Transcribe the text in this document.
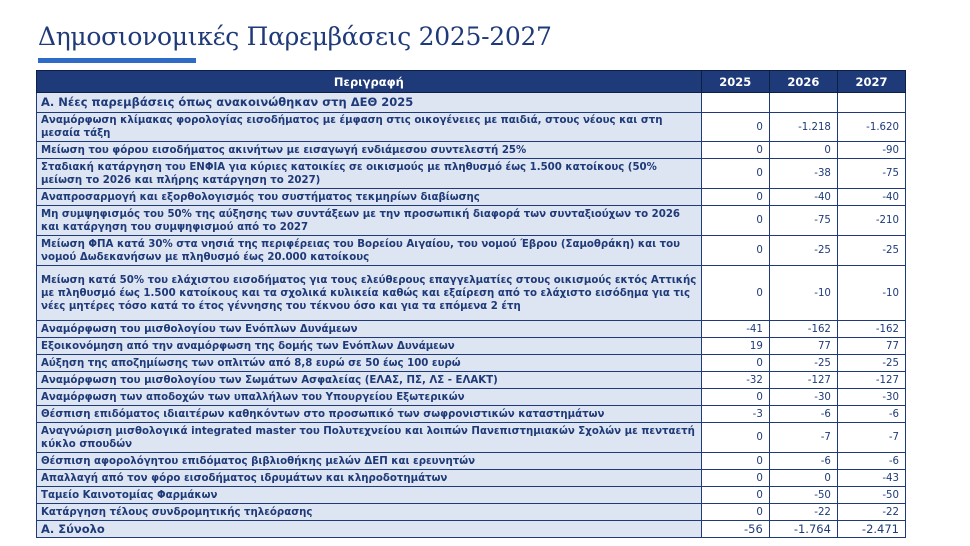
Δημοσιονομικές Παρεμβάσεις 2025-2027
Περιγραφή	2025	2026	2027
Α. Νέες παρεμβάσεις όπως ανακοινώθηκαν στη ΔΕΘ 2025			
Αναμόρφωση κλίμακας φορολογίας εισοδήματος με έμφαση στις οικογένειες με παιδιά, στους νέους και στη μεσαία τάξη	0	-1.218	-1.620
Μείωση του φόρου εισοδήματος ακινήτων με εισαγωγή ενδιάμεσου συντελεστή 25%	0	0	-90
Σταδιακή κατάργηση του ΕΝΦΙΑ για κύριες κατοικίες σε οικισμούς με πληθυσμό έως 1.500 κατοίκους (50% μείωση το 2026 και πλήρης κατάργηση το 2027)	0	-38	-75
Αναπροσαρμογή και εξορθολογισμός του συστήματος τεκμηρίων διαβίωσης	0	-40	-40
Μη συμψηφισμός του 50% της αύξησης των συντάξεων με την προσωπική διαφορά των συνταξιούχων το 2026 και κατάργηση του συμψηφισμού από το 2027	0	-75	-210
Μείωση ΦΠΑ κατά 30% στα νησιά της περιφέρειας του Βορείου Αιγαίου, του νομού Έβρου (Σαμοθράκη) και του νομού Δωδεκανήσων με πληθυσμό έως 20.000 κατοίκους	0	-25	-25
Μείωση κατά 50% του ελάχιστου εισοδήματος για τους ελεύθερους επαγγελματίες στους οικισμούς εκτός Αττικής με πληθυσμό έως 1.500 κατοίκους και τα σχολικά κυλικεία καθώς και εξαίρεση από το ελάχιστο εισόδημα για τις νέες μητέρες τόσο κατά το έτος γέννησης του τέκνου όσο και για τα επόμενα 2 έτη	0	-10	-10
Αναμόρφωση του μισθολογίου των Ενόπλων Δυνάμεων	-41	-162	-162
Εξοικονόμηση από την αναμόρφωση της δομής των Ενόπλων Δυνάμεων	19	77	77
Αύξηση της αποζημίωσης των οπλιτών από 8,8 ευρώ σε 50 έως 100 ευρώ	0	-25	-25
Αναμόρφωση του μισθολογίου των Σωμάτων Ασφαλείας (ΕΛΑΣ, ΠΣ, ΛΣ - ΕΛΑΚΤ)	-32	-127	-127
Αναμόρφωση των αποδοχών των υπαλλήλων του Υπουργείου Εξωτερικών	0	-30	-30
Θέσπιση επιδόματος ιδιαιτέρων καθηκόντων στο προσωπικό των σωφρονιστικών καταστημάτων	-3	-6	-6
Αναγνώριση μισθολογικά integrated master του Πολυτεχνείου και λοιπών Πανεπιστημιακών Σχολών με πενταετή κύκλο σπουδών	0	-7	-7
Θέσπιση αφορολόγητου επιδόματος βιβλιοθήκης μελών ΔΕΠ και ερευνητών	0	-6	-6
Απαλλαγή από τον φόρο εισοδήματος ιδρυμάτων και κληροδοτημάτων	0	0	-43
Ταμείο Καινοτομίας Φαρμάκων	0	-50	-50
Κατάργηση τέλους συνδρομητικής τηλεόρασης	0	-22	-22
Α. Σύνολο	-56	-1.764	-2.471
